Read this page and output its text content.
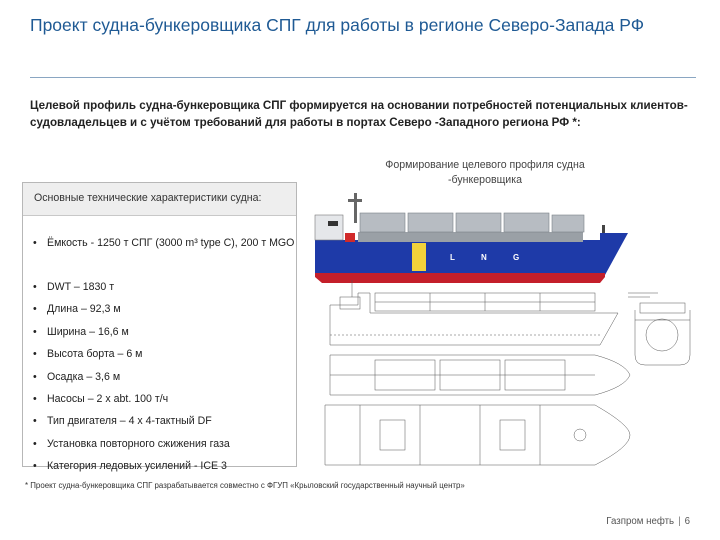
Проект судна-бункеровщика СПГ для работы в регионе Северо-Запада РФ
Целевой профиль судна-бункеровщика СПГ формируется на основании потребностей потенциальных клиентов-судовладельцев и с учётом требований для работы в портах Северо -Западного региона РФ *:
Формирование целевого профиля судна -бункеровщика
Основные технические характеристики судна:
• Ёмкость - 1250 т СПГ (3000 m³ type C), 200 т MGO
• DWT – 1830 т
• Длина – 92,3 м
• Ширина – 16,6 м
• Высота борта – 6 м
• Осадка – 3,6 м
• Насосы – 2 x abt. 100 т/ч
• Тип двигателя – 4 x 4-тактный DF
• Установка повторного сжижения газа
• Категория ледовых усилений - ICE 3
L N G
* Проект судна-бункеровщика СПГ разрабатывается совместно с ФГУП «Крыловский государственный научный центр»
Газпром нефть | 6
